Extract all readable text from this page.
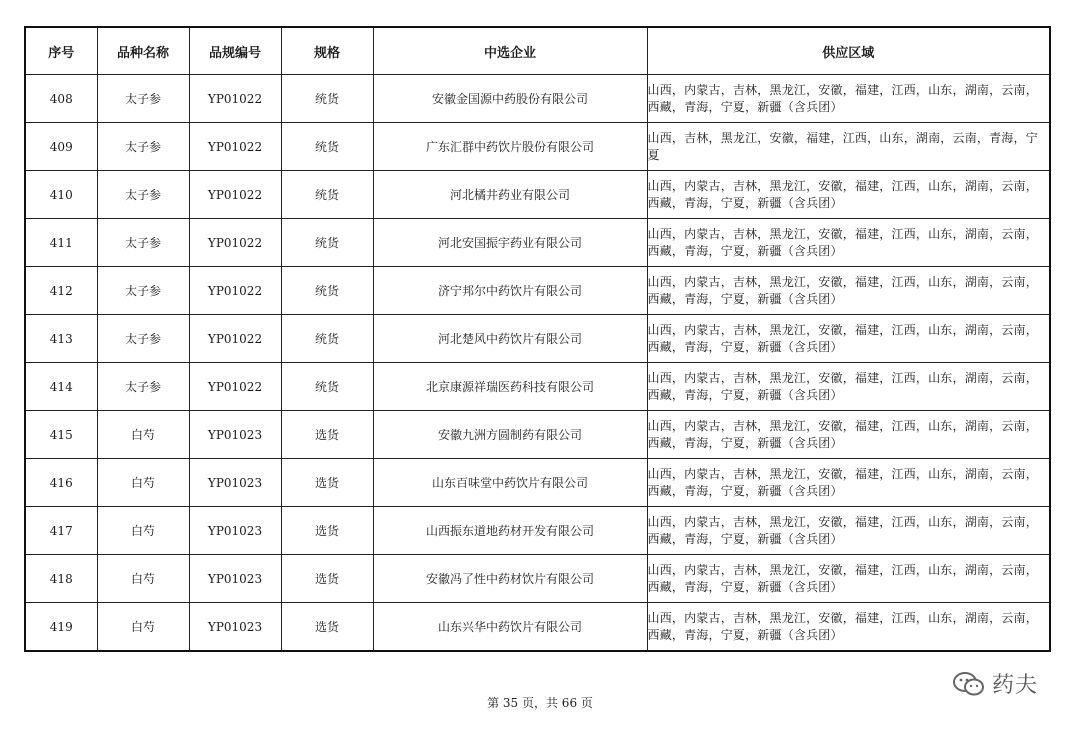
序号	品种名称	品规编号	规格	中选企业	供应区域
408	太子参	YP01022	统货	安徽金国源中药股份有限公司	山西，内蒙古，吉林，黑龙江，安徽，福建，江西，山东，湖南，云南，西藏，青海，宁夏，新疆（含兵团）
409	太子参	YP01022	统货	广东汇群中药饮片股份有限公司	山西，吉林，黑龙江，安徽，福建，江西，山东，湖南，云南，青海，宁夏
410	太子参	YP01022	统货	河北橘井药业有限公司	山西，内蒙古，吉林，黑龙江，安徽，福建，江西，山东，湖南，云南，西藏，青海，宁夏，新疆（含兵团）
411	太子参	YP01022	统货	河北安国振宇药业有限公司	山西，内蒙古，吉林，黑龙江，安徽，福建，江西，山东，湖南，云南，西藏，青海，宁夏，新疆（含兵团）
412	太子参	YP01022	统货	济宁邦尔中药饮片有限公司	山西，内蒙古，吉林，黑龙江，安徽，福建，江西，山东，湖南，云南，西藏，青海，宁夏，新疆（含兵团）
413	太子参	YP01022	统货	河北楚风中药饮片有限公司	山西，内蒙古，吉林，黑龙江，安徽，福建，江西，山东，湖南，云南，西藏，青海，宁夏，新疆（含兵团）
414	太子参	YP01022	统货	北京康源祥瑞医药科技有限公司	山西，内蒙古，吉林，黑龙江，安徽，福建，江西，山东，湖南，云南，西藏，青海，宁夏，新疆（含兵团）
415	白芍	YP01023	选货	安徽九洲方圆制药有限公司	山西，内蒙古，吉林，黑龙江，安徽，福建，江西，山东，湖南，云南，西藏，青海，宁夏，新疆（含兵团）
416	白芍	YP01023	选货	山东百味堂中药饮片有限公司	山西，内蒙古，吉林，黑龙江，安徽，福建，江西，山东，湖南，云南，西藏，青海，宁夏，新疆（含兵团）
417	白芍	YP01023	选货	山西振东道地药材开发有限公司	山西，内蒙古，吉林，黑龙江，安徽，福建，江西，山东，湖南，云南，西藏，青海，宁夏，新疆（含兵团）
418	白芍	YP01023	选货	安徽冯了性中药材饮片有限公司	山西，内蒙古，吉林，黑龙江，安徽，福建，江西，山东，湖南，云南，西藏，青海，宁夏，新疆（含兵团）
419	白芍	YP01023	选货	山东兴华中药饮片有限公司	山西，内蒙古，吉林，黑龙江，安徽，福建，江西，山东，湖南，云南，西藏，青海，宁夏，新疆（含兵团）
第 35 页，共 66 页
药夫
